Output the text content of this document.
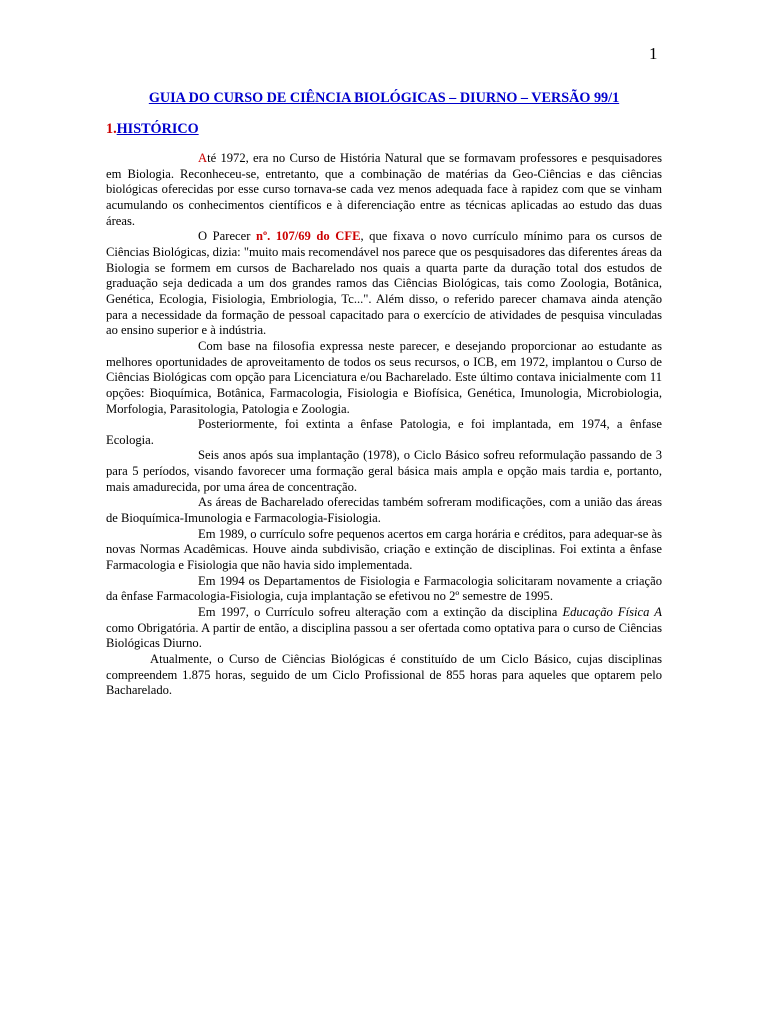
1
GUIA DO CURSO DE CIÊNCIA BIOLÓGICAS – DIURNO – VERSÃO 99/1
1.HISTÓRICO

Até 1972, era no Curso de História Natural que se formavam professores e pesquisadores em Biologia. Reconheceu-se, entretanto, que a combinação de matérias da Geo-Ciências e das ciências biológicas oferecidas por esse curso tornava-se cada vez menos adequada face à rapidez com que se vinham acumulando os conhecimentos científicos e à diferenciação entre as técnicas aplicadas ao estudo das duas áreas.

O Parecer nº. 107/69 do CFE, que fixava o novo currículo mínimo para os cursos de Ciências Biológicas, dizia: "muito mais recomendável nos parece que os pesquisadores das diferentes áreas da Biologia se formem em cursos de Bacharelado nos quais a quarta parte da duração total dos estudos de graduação seja dedicada a um dos grandes ramos das Ciências Biológicas, tais como Zoologia, Botânica, Genética, Ecologia, Fisiologia, Embriologia, Tc...". Além disso, o referido parecer chamava ainda atenção para a necessidade da formação de pessoal capacitado para o exercício de atividades de pesquisa vinculadas ao ensino superior e à indústria.

Com base na filosofia expressa neste parecer, e desejando proporcionar ao estudante as melhores oportunidades de aproveitamento de todos os seus recursos, o ICB, em 1972, implantou o Curso de Ciências Biológicas com opção para Licenciatura e/ou Bacharelado. Este último contava inicialmente com 11 opções: Bioquímica, Botânica, Farmacologia, Fisiologia e Biofísica, Genética, Imunologia, Microbiologia, Morfologia, Parasitologia, Patologia e Zoologia.

Posteriormente, foi extinta a ênfase Patologia, e foi implantada, em 1974, a ênfase Ecologia.

Seis anos após sua implantação (1978), o Ciclo Básico sofreu reformulação passando de 3 para 5 períodos, visando favorecer uma formação geral básica mais ampla e opção mais tardia e, portanto, mais amadurecida, por uma área de concentração.

As áreas de Bacharelado oferecidas também sofreram modificações, com a união das áreas de Bioquímica-Imunologia e Farmacologia-Fisiologia.

Em 1989, o currículo sofre pequenos acertos em carga horária e créditos, para adequar-se às novas Normas Acadêmicas. Houve ainda subdivisão, criação e extinção de disciplinas. Foi extinta a ênfase Farmacologia e Fisiologia que não havia sido implementada.

Em 1994 os Departamentos de Fisiologia e Farmacologia solicitaram novamente a criação da ênfase Farmacologia-Fisiologia, cuja implantação se efetivou no 2º semestre de 1995.

Em 1997, o Currículo sofreu alteração com a extinção da disciplina Educação Física A como Obrigatória. A partir de então, a disciplina passou a ser ofertada como optativa para o curso de Ciências Biológicas Diurno.

Atualmente, o Curso de Ciências Biológicas é constituído de um Ciclo Básico, cujas disciplinas compreendem 1.875 horas, seguido de um Ciclo Profissional de 855 horas para aqueles que optarem pelo Bacharelado.
